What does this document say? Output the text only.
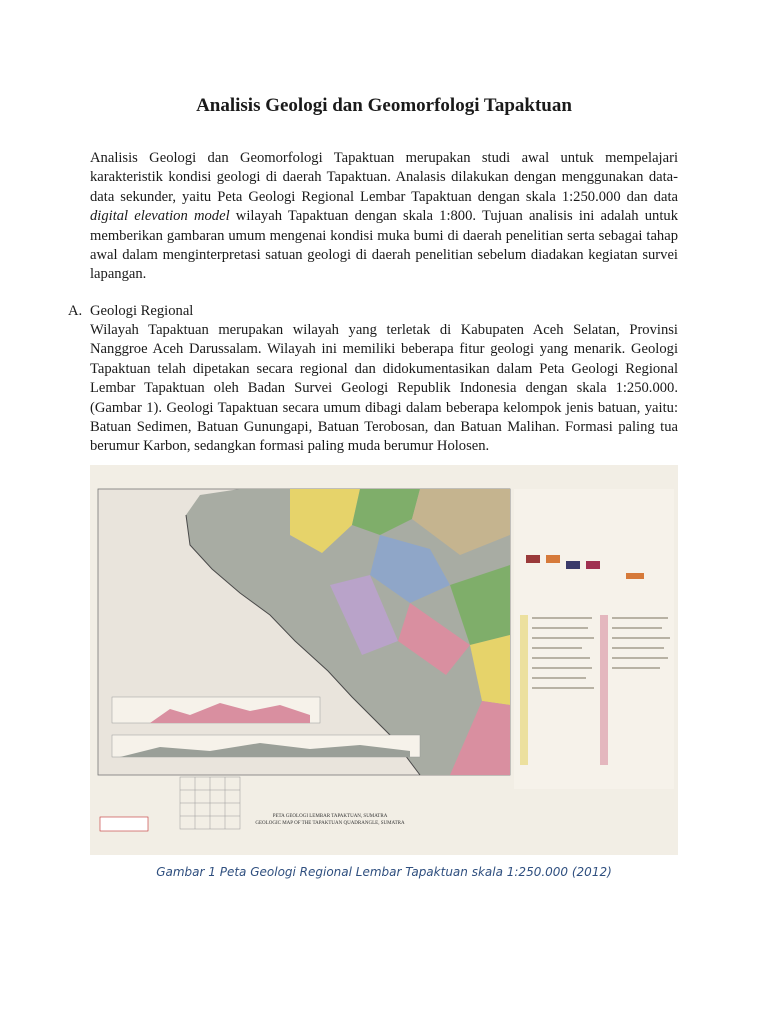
Analisis Geologi dan Geomorfologi Tapaktuan

Analisis Geologi dan Geomorfologi Tapaktuan merupakan studi awal untuk mempelajari karakteristik kondisi geologi di daerah Tapaktuan. Analasis dilakukan dengan menggunakan data-data sekunder, yaitu Peta Geologi Regional Lembar Tapaktuan dengan skala 1:250.000 dan data digital elevation model wilayah Tapaktuan dengan skala 1:800. Tujuan analisis ini adalah untuk memberikan gambaran umum mengenai kondisi muka bumi di daerah penelitian serta sebagai tahap awal dalam menginterpretasi satuan geologi di daerah penelitian sebelum diadakan kegiatan survei lapangan.

A. Geologi Regional

Wilayah Tapaktuan merupakan wilayah yang terletak di Kabupaten Aceh Selatan, Provinsi Nanggroe Aceh Darussalam. Wilayah ini memiliki beberapa fitur geologi yang menarik. Geologi Tapaktuan telah dipetakan secara regional dan didokumentasikan dalam Peta Geologi Regional Lembar Tapaktuan oleh Badan Survei Geologi Republik Indonesia dengan skala 1:250.000. (Gambar 1). Geologi Tapaktuan secara umum dibagi dalam beberapa kelompok jenis batuan, yaitu: Batuan Sedimen, Batuan Gunungapi, Batuan Terobosan, dan Batuan Malihan. Formasi paling tua berumur Karbon, sedangkan formasi paling muda berumur Holosen.

PETA GEOLOGI LEMBAR TAPAKTUAN, SUMATRA
GEOLOGIC MAP OF THE TAPAKTUAN QUADRANGLE, SUMATRA
Gambar 1 Peta Geologi Regional Lembar Tapaktuan skala 1:250.000 (2012)
